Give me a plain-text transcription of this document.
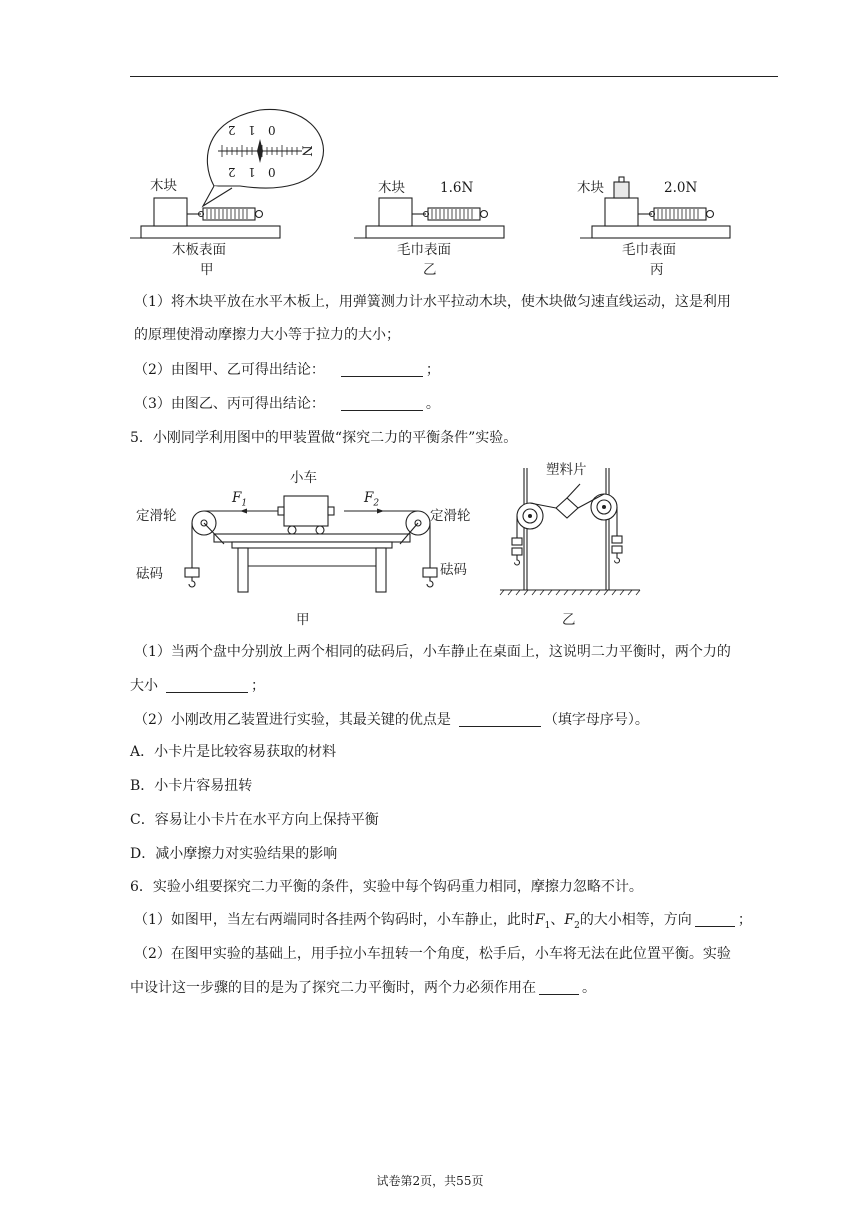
2 1 0
2 1 0
N
木块
木板表面
甲
木块	1.6N
毛巾表面
乙
木块	2.0N
毛巾表面
丙
（1）将木块平放在水平木板上，用弹簧测力计水平拉动木块，使木块做匀速直线运动，这是利用
的原理使滑动摩擦力大小等于拉力的大小；
（2）由图甲、乙可得出结论：	；
（3）由图乙、丙可得出结论：	。
5．小刚同学利用图中的甲装置做“探究二力的平衡条件”实验。
小车
$F_1$	$F_2$
定滑轮	定滑轮
砝码	砝码
甲
塑料片
乙
（1）当两个盘中分别放上两个相同的砝码后，小车静止在桌面上，这说明二力平衡时，两个力的
大小	；
（2）小刚改用乙装置进行实验，其最关键的优点是	（填字母序号）。
A．小卡片是比较容易获取的材料
B．小卡片容易扭转
C．容易让小卡片在水平方向上保持平衡
D．减小摩擦力对实验结果的影响
6．实验小组要探究二力平衡的条件，实验中每个钩码重力相同，摩擦力忽略不计。
（1）如图甲，当左右两端同时各挂两个钩码时，小车静止，此时$F_1$、$F_2$的大小相等，方向	；
（2）在图甲实验的基础上，用手拉小车扭转一个角度，松手后，小车将无法在此位置平衡。实验
中设计这一步骤的目的是为了探究二力平衡时，两个力必须作用在	。
试卷第2页，共55页
